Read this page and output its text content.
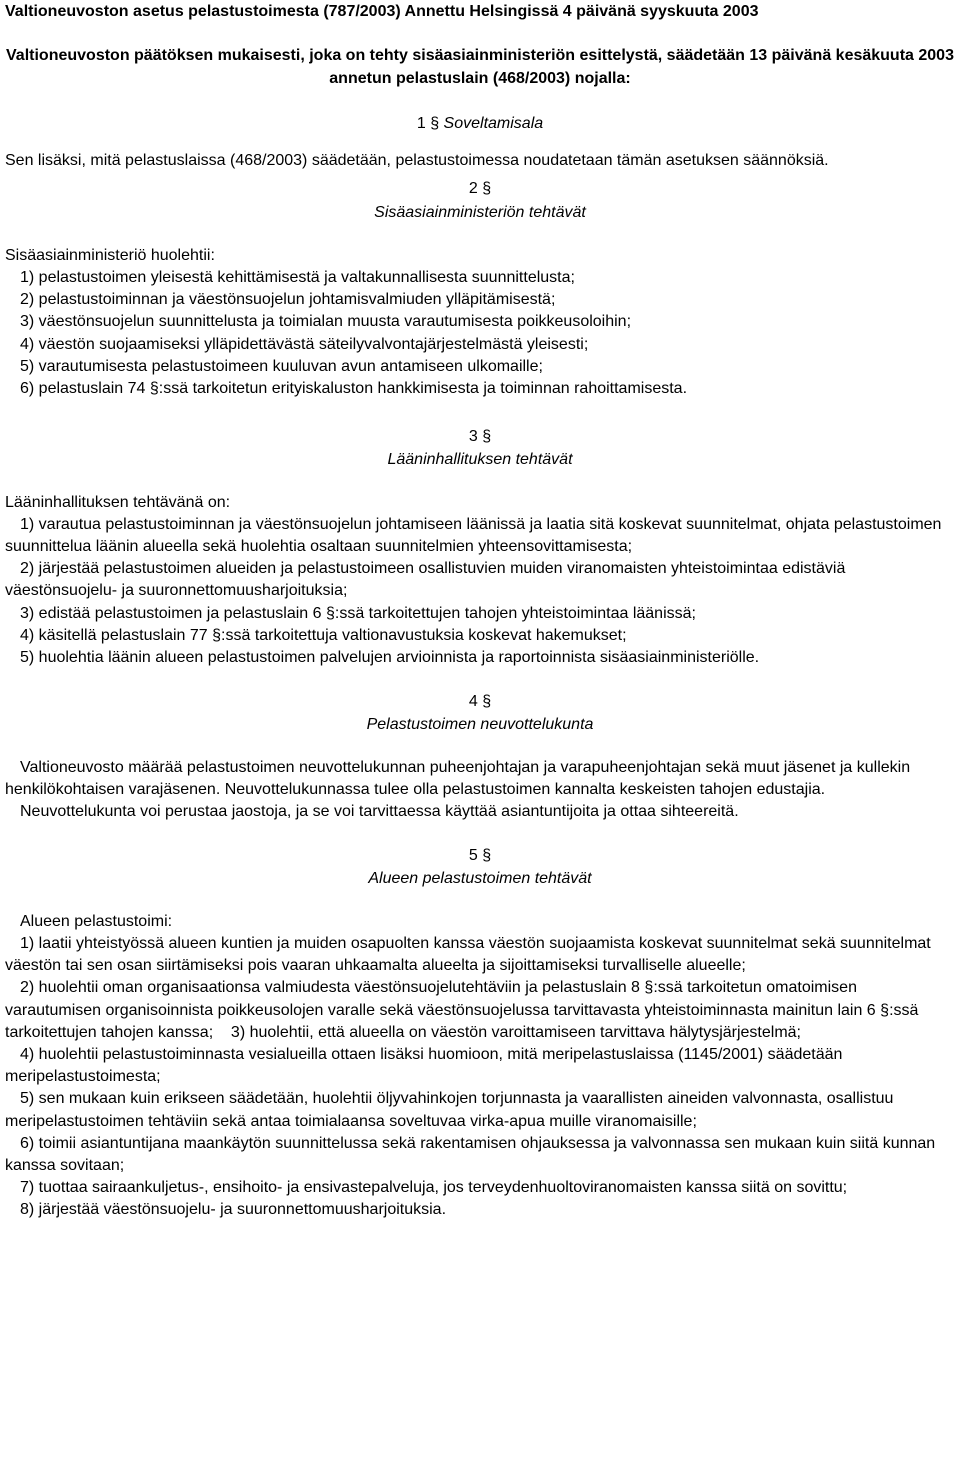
Valtioneuvoston asetus pelastustoimesta (787/2003) Annettu Helsingissä 4 päivänä syyskuuta 2003

Valtioneuvoston päätöksen mukaisesti, joka on tehty sisäasiainministeriön esittelystä, säädetään 13 päivänä kesäkuuta 2003 annetun pelastuslain (468/2003) nojalla:

1 § Soveltamisala

Sen lisäksi, mitä pelastuslaissa (468/2003) säädetään, pelastustoimessa noudatetaan tämän asetuksen säännöksiä.

2 §

Sisäasiainministeriön tehtävät

Sisäasiainministeriö huolehtii:

1) pelastustoimen yleisestä kehittämisestä ja valtakunnallisesta suunnittelusta;
2) pelastustoiminnan ja väestönsuojelun johtamisvalmiuden ylläpitämisestä;
3) väestönsuojelun suunnittelusta ja toimialan muusta varautumisesta poikkeusoloihin;
4) väestön suojaamiseksi ylläpidettävästä säteilyvalvontajärjestelmästä yleisesti;
5) varautumisesta pelastustoimeen kuuluvan avun antamiseen ulkomaille;
6) pelastuslain 74 §:ssä tarkoitetun erityiskaluston hankkimisesta ja toiminnan rahoittamisesta.

3 §

Lääninhallituksen tehtävät

Lääninhallituksen tehtävänä on:

1) varautua pelastustoiminnan ja väestönsuojelun johtamiseen läänissä ja laatia sitä koskevat suunnitelmat, ohjata pelastustoimen suunnittelua läänin alueella sekä huolehtia osaltaan suunnitelmien yhteensovittamisesta;
2) järjestää pelastustoimen alueiden ja pelastustoimeen osallistuvien muiden viranomaisten yhteistoimintaa edistäviä väestönsuojelu- ja suuronnettomuusharjoituksia;
3) edistää pelastustoimen ja pelastuslain 6 §:ssä tarkoitettujen tahojen yhteistoimintaa läänissä;
4) käsitellä pelastuslain 77 §:ssä tarkoitettuja valtionavustuksia koskevat hakemukset;
5) huolehtia läänin alueen pelastustoimen palvelujen arvioinnista ja raportoinnista sisäasiainministeriölle.

4 §

Pelastustoimen neuvottelukunta

Valtioneuvosto määrää pelastustoimen neuvottelukunnan puheenjohtajan ja varapuheenjohtajan sekä muut jäsenet ja kullekin henkilökohtaisen varajäsenen. Neuvottelukunnassa tulee olla pelastustoimen kannalta keskeisten tahojen edustajia.

Neuvottelukunta voi perustaa jaostoja, ja se voi tarvittaessa käyttää asiantuntijoita ja ottaa sihteereitä.

5 §

Alueen pelastustoimen tehtävät

Alueen pelastustoimi:

1) laatii yhteistyössä alueen kuntien ja muiden osapuolten kanssa väestön suojaamista koskevat suunnitelmat sekä suunnitelmat väestön tai sen osan siirtämiseksi pois vaaran uhkaamalta alueelta ja sijoittamiseksi turvalliselle alueelle;
2) huolehtii oman organisaationsa valmiudesta väestönsuojelutehtäviin ja pelastuslain 8 §:ssä tarkoitetun omatoimisen varautumisen organisoinnista poikkeusolojen varalle sekä väestönsuojelussa tarvittavasta yhteistoiminnasta mainitun lain 6 §:ssä tarkoitettujen tahojen kanssa; 3) huolehtii, että alueella on väestön varoittamiseen tarvittava hälytysjärjestelmä;
4) huolehtii pelastustoiminnasta vesialueilla ottaen lisäksi huomioon, mitä meripelastuslaissa (1145/2001) säädetään meripelastustoimesta;
5) sen mukaan kuin erikseen säädetään, huolehtii öljyvahinkojen torjunnasta ja vaarallisten aineiden valvonnasta, osallistuu meripelastustoimen tehtäviin sekä antaa toimialaansa soveltuvaa virka-apua muille viranomaisille;
6) toimii asiantuntijana maankäytön suunnittelussa sekä rakentamisen ohjauksessa ja valvonnassa sen mukaan kuin siitä kunnan kanssa sovitaan;
7) tuottaa sairaankuljetus-, ensihoito- ja ensivastepalveluja, jos terveydenhuoltoviranomaisten kanssa siitä on sovittu;
8) järjestää väestönsuojelu- ja suuronnettomuusharjoituksia.
